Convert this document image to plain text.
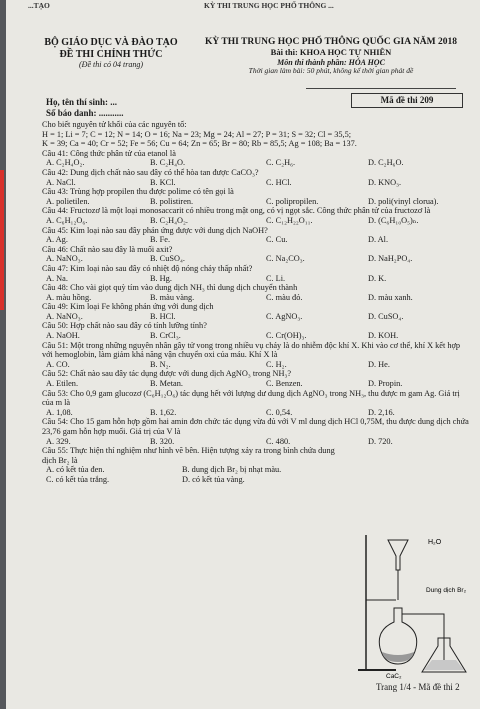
...TẠO	KỲ THI TRUNG HỌC PHỔ THÔNG ...
BỘ GIÁO DỤC VÀ ĐÀO TẠO
ĐỀ THI CHÍNH THỨC
(Đề thi có 04 trang)
KỲ THI TRUNG HỌC PHỔ THÔNG QUỐC GIA NĂM 2018
Bài thi: KHOA HỌC TỰ NHIÊN
Môn thi thành phần: HÓA HỌC
Thời gian làm bài: 50 phút, không kể thời gian phát đề
Họ, tên thí sinh: ...
Số báo danh: ...........
Mã đề thi 209
Cho biết nguyên tử khối của các nguyên tố:
H = 1; Li = 7; C = 12; N = 14; O = 16; Na = 23; Mg = 24; Al = 27; P = 31; S = 32; Cl = 35,5;
K = 39; Ca = 40; Cr = 52; Fe = 56; Cu = 64; Zn = 65; Br = 80; Rb = 85,5; Ag = 108; Ba = 137.
Câu 41: Công thức phân tử của etanol là
A. C₂H₄O₂.	B. C₂H₄O.	C. C₂H₆.	D. C₂H₆O.
Câu 42: Dung dịch chất nào sau đây có thể hòa tan được CaCO₃?
A. NaCl.	B. KCl.	C. HCl.	D. KNO₃.
Câu 43: Trùng hợp propilen thu được polime có tên gọi là
A. polietilen.	B. polistiren.	C. polipropilen.	D. poli(vinyl clorua).
Câu 44: Fructozơ là một loại monosaccarit có nhiều trong mật ong, có vị ngọt sắc. Công thức phân tử của fructozơ là
A. C₆H₁₂O₆.	B. C₂H₄O₂.	C. C₁₂H₂₂O₁₁.	D. (C₆H₁₀O₅)ₙ.
Câu 45: Kim loại nào sau đây phản ứng được với dung dịch NaOH?
A. Ag.	B. Fe.	C. Cu.	D. Al.
Câu 46: Chất nào sau đây là muối axit?
A. NaNO₃.	B. CuSO₄.	C. Na₂CO₃.	D. NaH₂PO₄.
Câu 47: Kim loại nào sau đây có nhiệt độ nóng chảy thấp nhất?
A. Na.	B. Hg.	C. Li.	D. K.
Câu 48: Cho vài giọt quỳ tím vào dung dịch NH₃ thì dung dịch chuyển thành
A. màu hồng.	B. màu vàng.	C. màu đỏ.	D. màu xanh.
Câu 49: Kim loại Fe không phản ứng với dung dịch
A. NaNO₃.	B. HCl.	C. AgNO₃.	D. CuSO₄.
Câu 50: Hợp chất nào sau đây có tính lưỡng tính?
A. NaOH.	B. CrCl₃.	C. Cr(OH)₃.	D. KOH.
Câu 51: Một trong những nguyên nhân gây tử vong trong nhiều vụ cháy là do nhiễm độc khí X. Khi vào cơ thể, khí X kết hợp với hemoglobin, làm giảm khả năng vận chuyển oxi của máu. Khí X là
A. CO.	B. N₂.	C. H₂.	D. He.
Câu 52: Chất nào sau đây tác dụng được với dung dịch AgNO₃ trong NH₃?
A. Etilen.	B. Metan.	C. Benzen.	D. Propin.
Câu 53: Cho 0,9 gam glucozơ (C₆H₁₂O₆) tác dụng hết với lượng dư dung dịch AgNO₃ trong NH₃, thu được m gam Ag. Giá trị của m là
A. 1,08.	B. 1,62.	C. 0,54.	D. 2,16.
Câu 54: Cho 15 gam hỗn hợp gồm hai amin đơn chức tác dụng vừa đủ với V ml dung dịch HCl 0,75M, thu được dung dịch chứa 23,76 gam hỗn hợp muối. Giá trị của V là
A. 329.	B. 320.	C. 480.	D. 720.
Câu 55: Thực hiện thí nghiệm như hình vẽ bên. Hiện tượng xảy ra trong bình chứa dung dịch Br₂ là
A. có kết tủa đen.	B. dung dịch Br₂ bị nhạt màu.
C. có kết tủa trắng.	D. có kết tủa vàng.
H₂O
Dung dịch Br₂
CaC₂
Trang 1/4 - Mã đề thi 2
